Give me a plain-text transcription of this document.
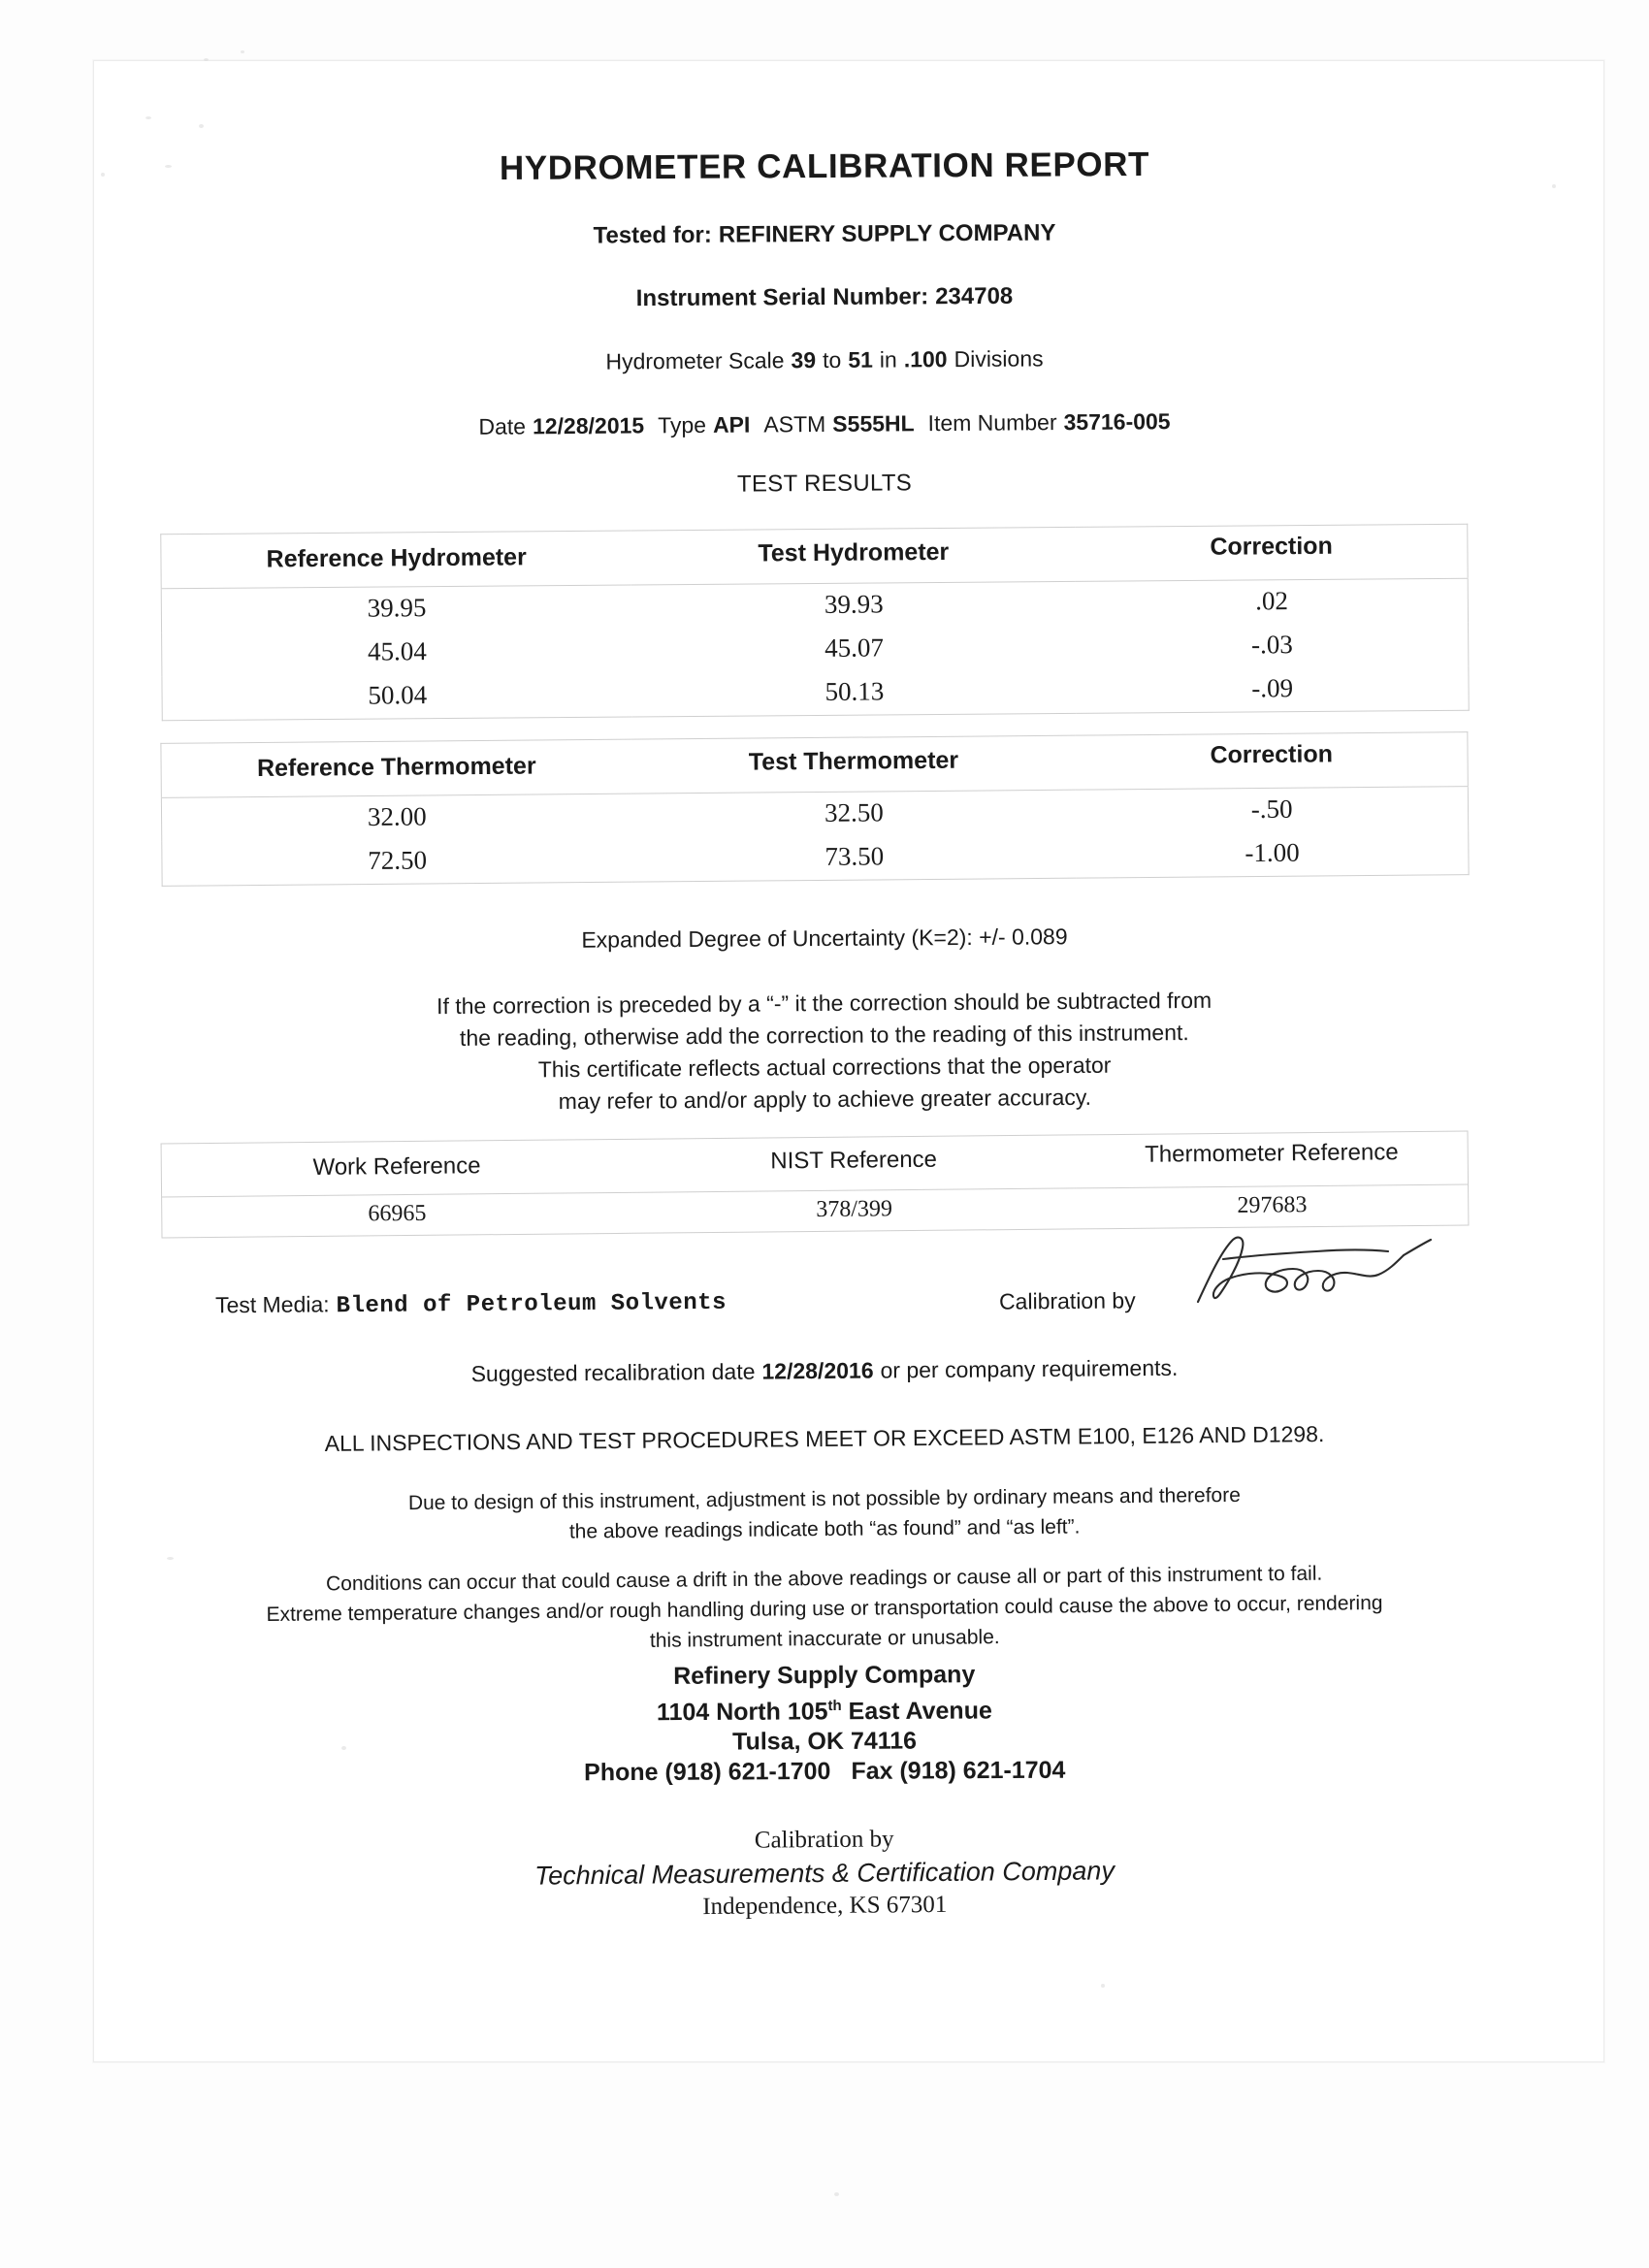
HYDROMETER CALIBRATION REPORT
Tested for: REFINERY SUPPLY COMPANY
Instrument Serial Number: 234708
Hydrometer Scale 39 to 51 in .100 Divisions
Date 12/28/2015 Type API ASTM S555HL Item Number 35716-005
TEST RESULTS
Reference Hydrometer	Test Hydrometer	Correction
39.95	39.93	.02
45.04	45.07	-.03
50.04	50.13	-.09
Reference Thermometer	Test Thermometer	Correction
32.00	32.50	-.50
72.50	73.50	-1.00
Expanded Degree of Uncertainty (K=2): +/- 0.089
If the correction is preceded by a “-” it the correction should be subtracted from
the reading, otherwise add the correction to the reading of this instrument.
This certificate reflects actual corrections that the operator
may refer to and/or apply to achieve greater accuracy.
Work Reference	NIST Reference	Thermometer Reference
66965	378/399	297683
Test Media: Blend of Petroleum Solvents	Calibration by
Suggested recalibration date 12/28/2016 or per company requirements.
ALL INSPECTIONS AND TEST PROCEDURES MEET OR EXCEED ASTM E100, E126 AND D1298.
Due to design of this instrument, adjustment is not possible by ordinary means and therefore
the above readings indicate both “as found” and “as left”.
Conditions can occur that could cause a drift in the above readings or cause all or part of this instrument to fail.
Extreme temperature changes and/or rough handling during use or transportation could cause the above to occur, rendering
this instrument inaccurate or unusable.
Refinery Supply Company
1104 North 105th East Avenue
Tulsa, OK 74116
Phone (918) 621-1700 Fax (918) 621-1704
Calibration by
Technical Measurements & Certification Company
Independence, KS 67301
